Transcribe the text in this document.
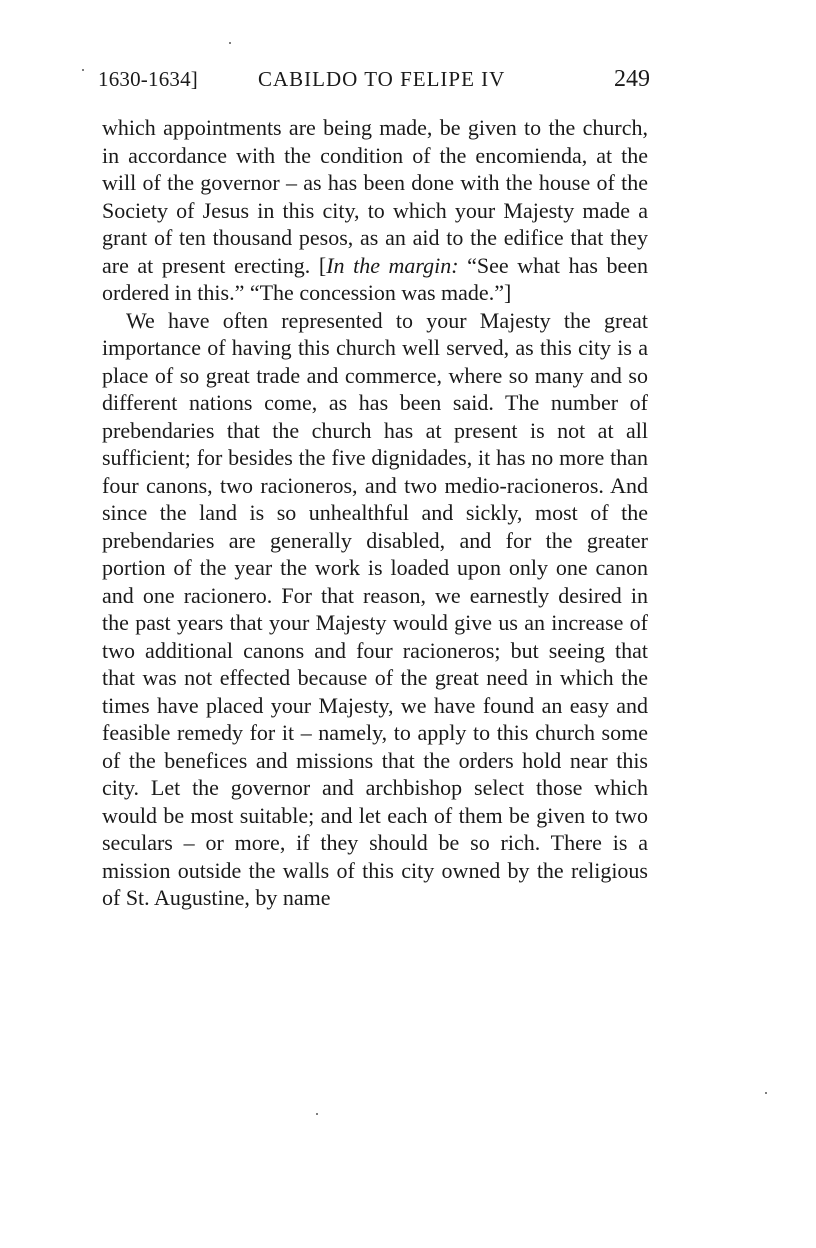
1630-1634]	CABILDO TO FELIPE IV	249

which appointments are being made, be given to the church, in accordance with the condition of the encomienda, at the will of the governor – as has been done with the house of the Society of Jesus in this city, to which your Majesty made a grant of ten thousand pesos, as an aid to the edifice that they are at present erecting. [In the margin: “See what has been ordered in this.” “The concession was made.”]

We have often represented to your Majesty the great importance of having this church well served, as this city is a place of so great trade and commerce, where so many and so different nations come, as has been said. The number of prebendaries that the church has at present is not at all sufficient; for besides the five dignidades, it has no more than four canons, two racioneros, and two medio-racioneros. And since the land is so unhealthful and sickly, most of the prebendaries are generally disabled, and for the greater portion of the year the work is loaded upon only one canon and one racionero. For that reason, we earnestly desired in the past years that your Majesty would give us an increase of two additional canons and four racioneros; but seeing that that was not effected because of the great need in which the times have placed your Majesty, we have found an easy and feasible remedy for it – namely, to apply to this church some of the benefices and missions that the orders hold near this city. Let the governor and archbishop select those which would be most suitable; and let each of them be given to two seculars – or more, if they should be so rich. There is a mission outside the walls of this city owned by the religious of St. Augustine, by name
